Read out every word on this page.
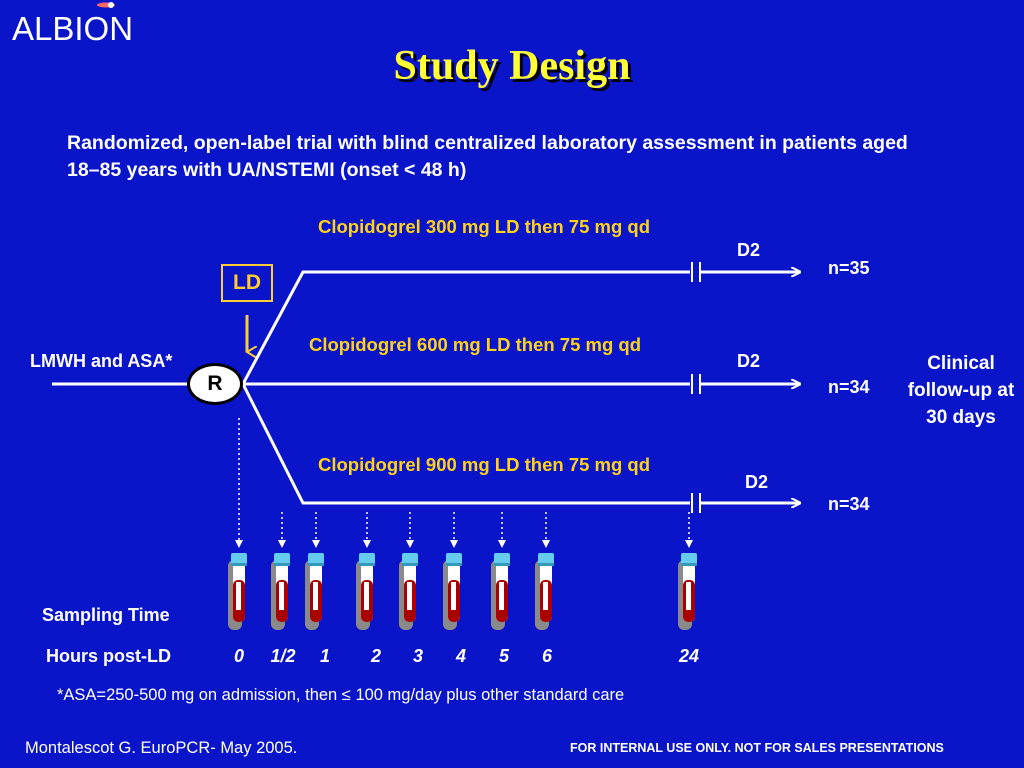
ALBION
Study Design
Randomized, open-label trial with blind centralized laboratory assessment in patients aged 18–85 years with UA/NSTEMI (onset < 48 h)
LD
R
LMWH and ASA*
Clopidogrel 300 mg LD then 75 mg qd
Clopidogrel 600 mg LD then 75 mg qd
Clopidogrel 900 mg LD then 75 mg qd
D2
D2
D2
n=35
n=34
n=34
Clinical follow-up at 30 days
Sampling Time
Hours post-LD	0	1/2	1	2	3	4	5	6	24
*ASA=250-500 mg on admission, then ≤ 100 mg/day plus other standard care
Montalescot G. EuroPCR- May 2005.	FOR INTERNAL USE ONLY. NOT FOR SALES PRESENTATIONS
